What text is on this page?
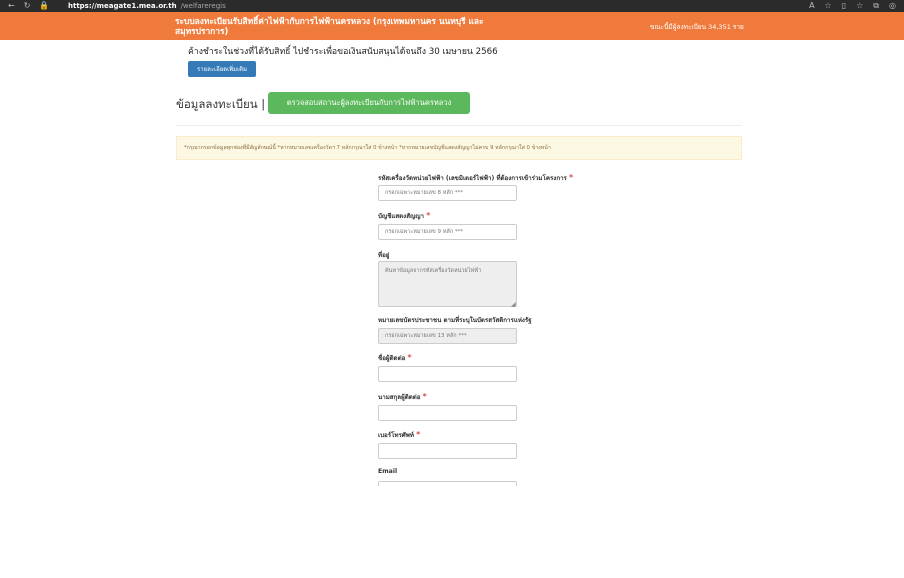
← ↻ 🔒	https://meagate1.mea.or.th /welfareregis	A ☆ ▯ ☆ ⧉ ◎
ระบบลงทะเบียนรับสิทธิ์ค่าไฟฟ้ากับการไฟฟ้านครหลวง (กรุงเทพมหานคร นนทบุรี และสมุทรปราการ)	ขณะนี้มีผู้ลงทะเบียน 34,351 ราย
ค้างชำระในช่วงที่ได้รับสิทธิ์ ไปชำระเพื่อขอเงินสนับสนุนได้จนถึง 30 เมษายน 2566
รายละเอียดเพิ่มเติม
ข้อมูลลงทะเบียน |	ตรวจสอบสถานะผู้ลงทะเบียนกับการไฟฟ้านครหลวง
*กรุณากรอกข้อมูลทุกช่องที่มีสัญลักษณ์นี้ *หากหมายเลขเครื่องวัดฯ 7 หลักกรุณาใส่ 0 ข้างหน้า *หากหมายเลขบัญชีแสดงสัญญาไม่ครบ 9 หลักกรุณาใส่ 0 ข้างหน้า
รหัสเครื่องวัดหน่วยไฟฟ้า (เลขมิเตอร์ไฟฟ้า) ที่ต้องการเข้าร่วมโครงการ *
กรอกเฉพาะหมายเลข 8 หลัก ***
บัญชีแสดงสัญญา *
กรอกเฉพาะหมายเลข 9 หลัก ***
ที่อยู่
ค้นหาข้อมูลจากรหัสเครื่องวัดหน่วยไฟฟ้า
◢
หมายเลขบัตรประชาชน ตามที่ระบุในบัตรสวัสดิการแห่งรัฐ
กรอกเฉพาะหมายเลข 13 หลัก ***
ชื่อผู้ติดต่อ *
นามสกุลผู้ติดต่อ *
เบอร์โทรศัพท์ *
Email
